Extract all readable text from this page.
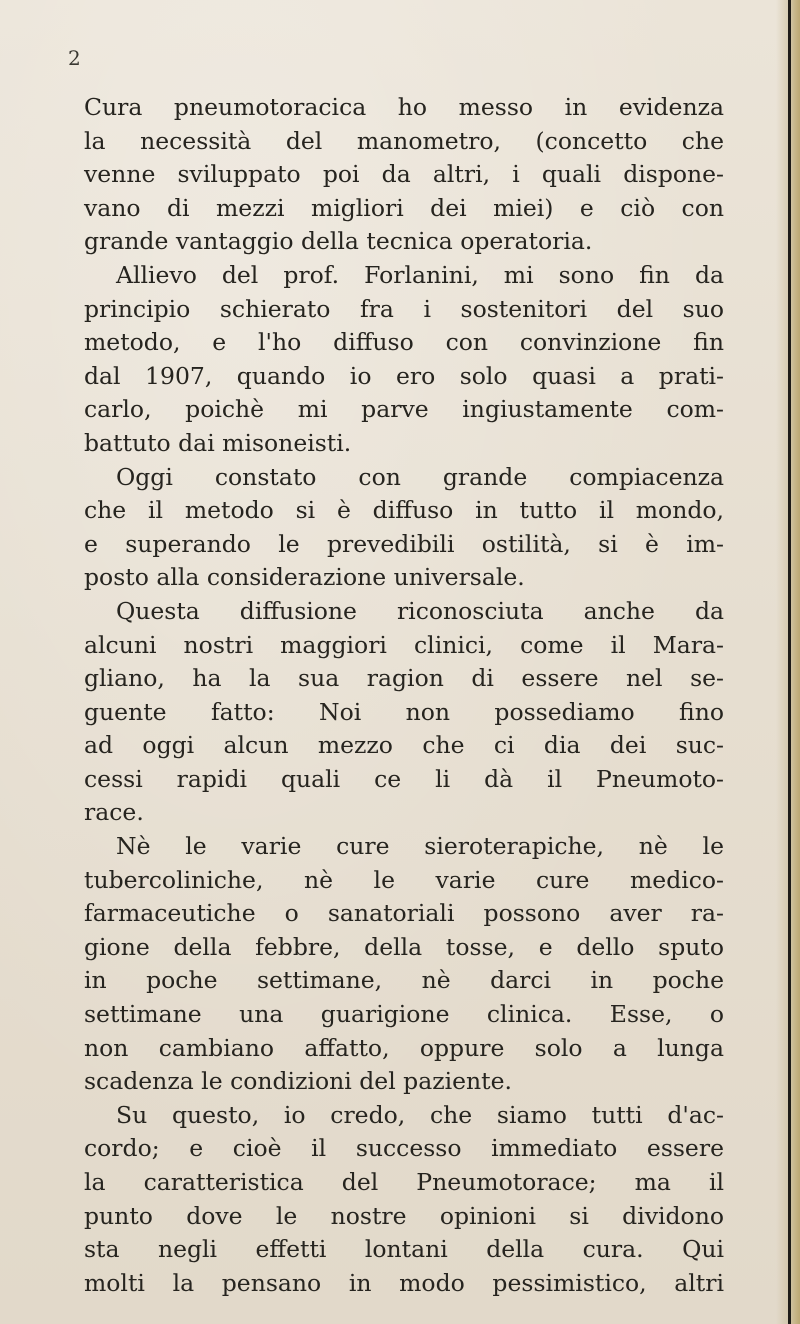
2
Cura pneumotoracica ho messo in evidenza
la necessità del manometro, (concetto che
venne sviluppato poi da altri, i quali dispone-
vano di mezzi migliori dei miei) e ciò con
grande vantaggio della tecnica operatoria.
Allievo del prof. Forlanini, mi sono fin da
principio schierato fra i sostenitori del suo
metodo, e l'ho diffuso con convinzione fin
dal 1907, quando io ero solo quasi a prati-
carlo, poichè mi parve ingiustamente com-
battuto dai misoneisti.
Oggi constato con grande compiacenza
che il metodo si è diffuso in tutto il mondo,
e superando le prevedibili ostilità, si è im-
posto alla considerazione universale.
Questa diffusione riconosciuta anche da
alcuni nostri maggiori clinici, come il Mara-
gliano, ha la sua ragion di essere nel se-
guente fatto: Noi non possediamo fino
ad oggi alcun mezzo che ci dia dei suc-
cessi rapidi quali ce li dà il Pneumoto-
race.
Nè le varie cure sieroterapiche, nè le
tubercoliniche, nè le varie cure medico-
farmaceutiche o sanatoriali possono aver ra-
gione della febbre, della tosse, e dello sputo
in poche settimane, nè darci in poche
settimane una guarigione clinica. Esse, o
non cambiano affatto, oppure solo a lunga
scadenza le condizioni del paziente.
Su questo, io credo, che siamo tutti d'ac-
cordo; e cioè il successo immediato essere
la caratteristica del Pneumotorace; ma il
punto dove le nostre opinioni si dividono
sta negli effetti lontani della cura. Qui
molti la pensano in modo pessimistico, altri
